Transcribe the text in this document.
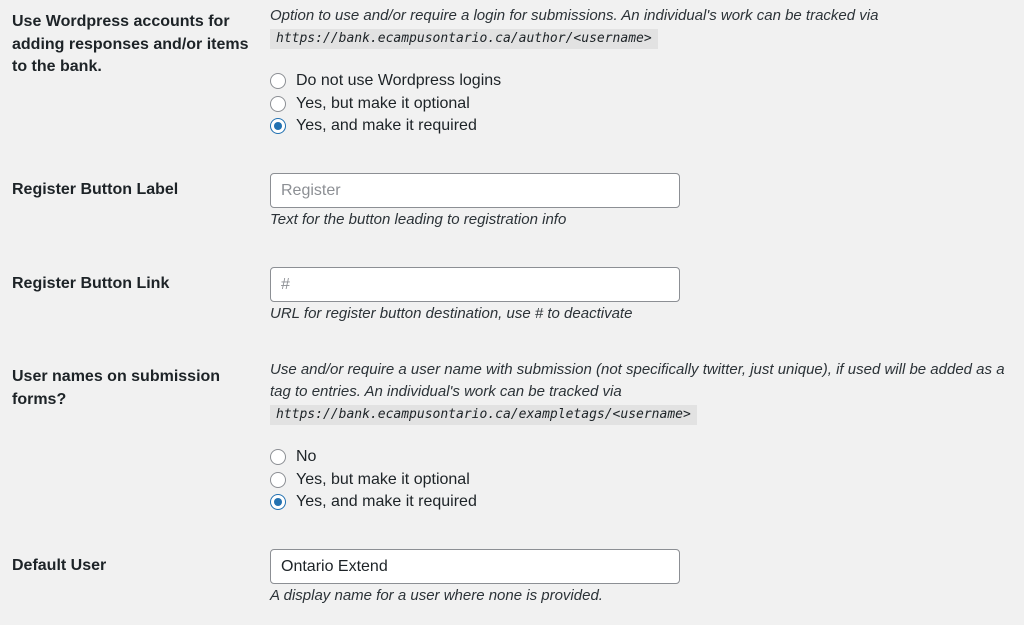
Use Wordpress accounts for adding responses and/or items to the bank.
Option to use and/or require a login for submissions. An individual's work can be tracked via
https://bank.ecampusontario.ca/author/<username>
Do not use Wordpress logins
Yes, but make it optional
Yes, and make it required
Register Button Label
Register
Text for the button leading to registration info
Register Button Link
#
URL for register button destination, use # to deactivate
User names on submission forms?
Use and/or require a user name with submission (not specifically twitter, just unique), if used will be added as a tag to entries. An individual's work can be tracked via
https://bank.ecampusontario.ca/exampletags/<username>
No
Yes, but make it optional
Yes, and make it required
Default User
Ontario Extend
A display name for a user where none is provided.
